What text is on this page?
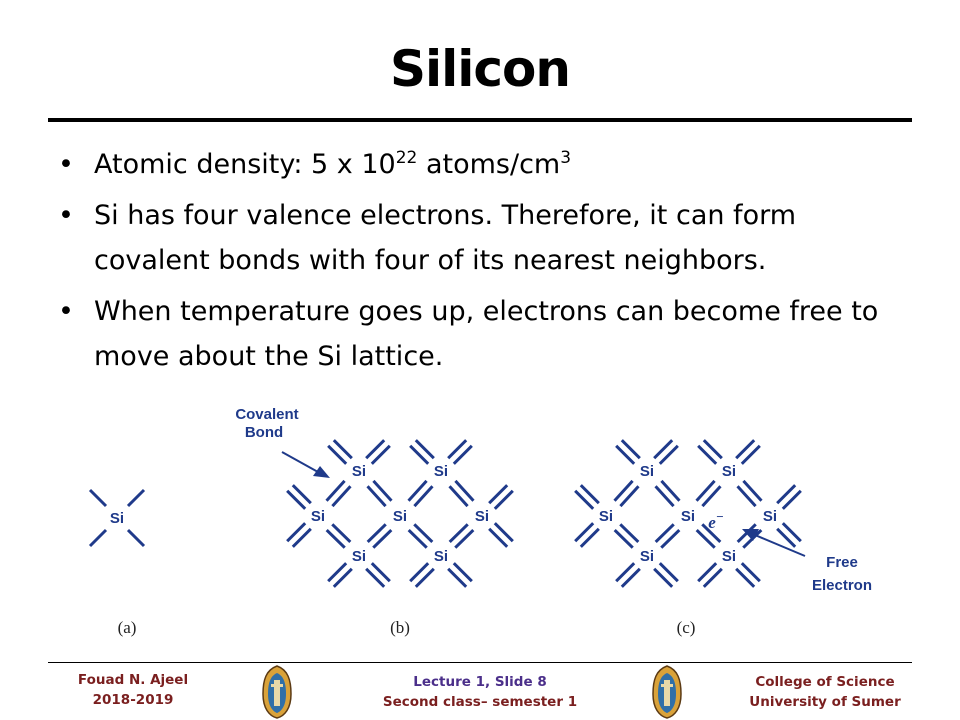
Silicon
• Atomic density: 5 x $10^{22}$ atoms/$cm^3$
• Si has four valence electrons. Therefore, it can form covalent bonds with four of its nearest neighbors.
• When temperature goes up, electrons can become free to move about the Si lattice.
Si
Si	Si
Si	Si	Si
Si	Si
Si	Si
Si	Si	Si
Si	Si
Covalent
Bond
e−
Free
Electron
(a)	(b)	(c)
Fouad N. Ajeel
2018-2019
Lecture 1, Slide 8
Second class– semester 1
College of Science
University of Sumer
